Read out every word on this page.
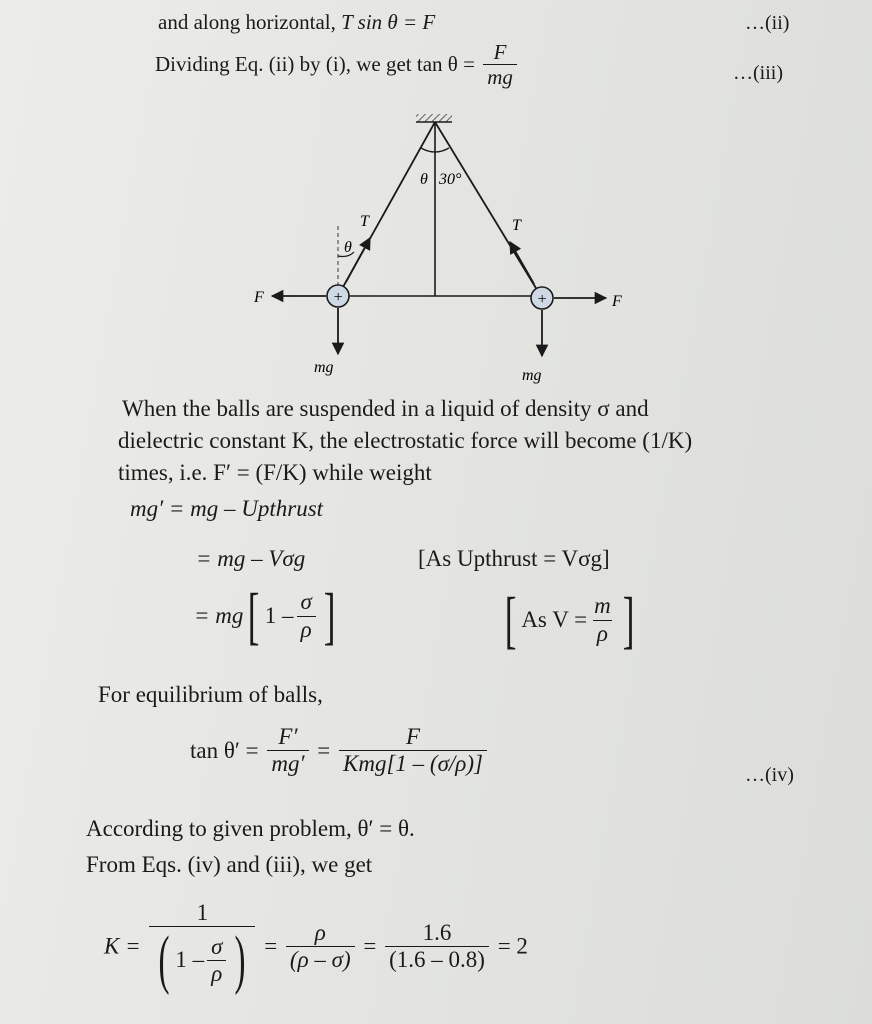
and along horizontal, T sin θ = F	…(ii)
Dividing Eq. (ii) by (i), we get $\tan \theta = \frac{F}{mg}$	…(iii)
+	+
θ 30°
T	T
θ
F	F
mg	mg
When the balls are suspended in a liquid of density σ and
dielectric constant K, the electrostatic force will become (1/K)
times, i.e. F′ = (F/K) while weight
mg′ = mg – Upthrust
= mg – Vσg	[As Upthrust = Vσg]
= mg[ $1 - \frac{\sigma}{\rho}$ ]	[ As $V = \frac{m}{\rho}$ ]
For equilibrium of balls,
$\tan \theta' = \frac{F'}{mg'} = \frac{F}{\text{Kmg[1 – (σ/ρ)]}}$	…(iv)
According to given problem, θ′ = θ.
From Eqs. (iv) and (iii), we get
$K = \frac{1}{( 1 - \frac{\sigma}{\rho} )} = \frac{\rho}{(\rho - \sigma)} = \frac{1.6}{(1.6 - 0.8)} = 2$
